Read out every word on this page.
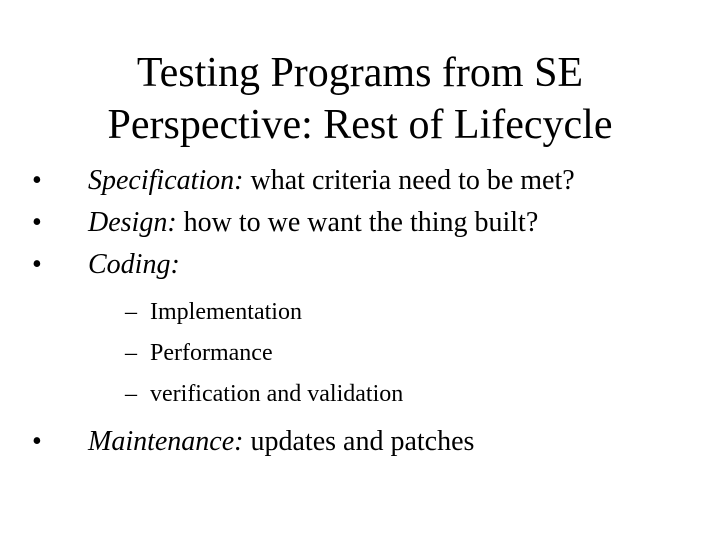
Testing Programs from SE
Perspective: Rest of Lifecycle
•	Specification: what criteria need to be met?
•	Design: how to we want the thing built?
•	Coding:
– Implementation
– Performance
– verification and validation
•	Maintenance: updates and patches
